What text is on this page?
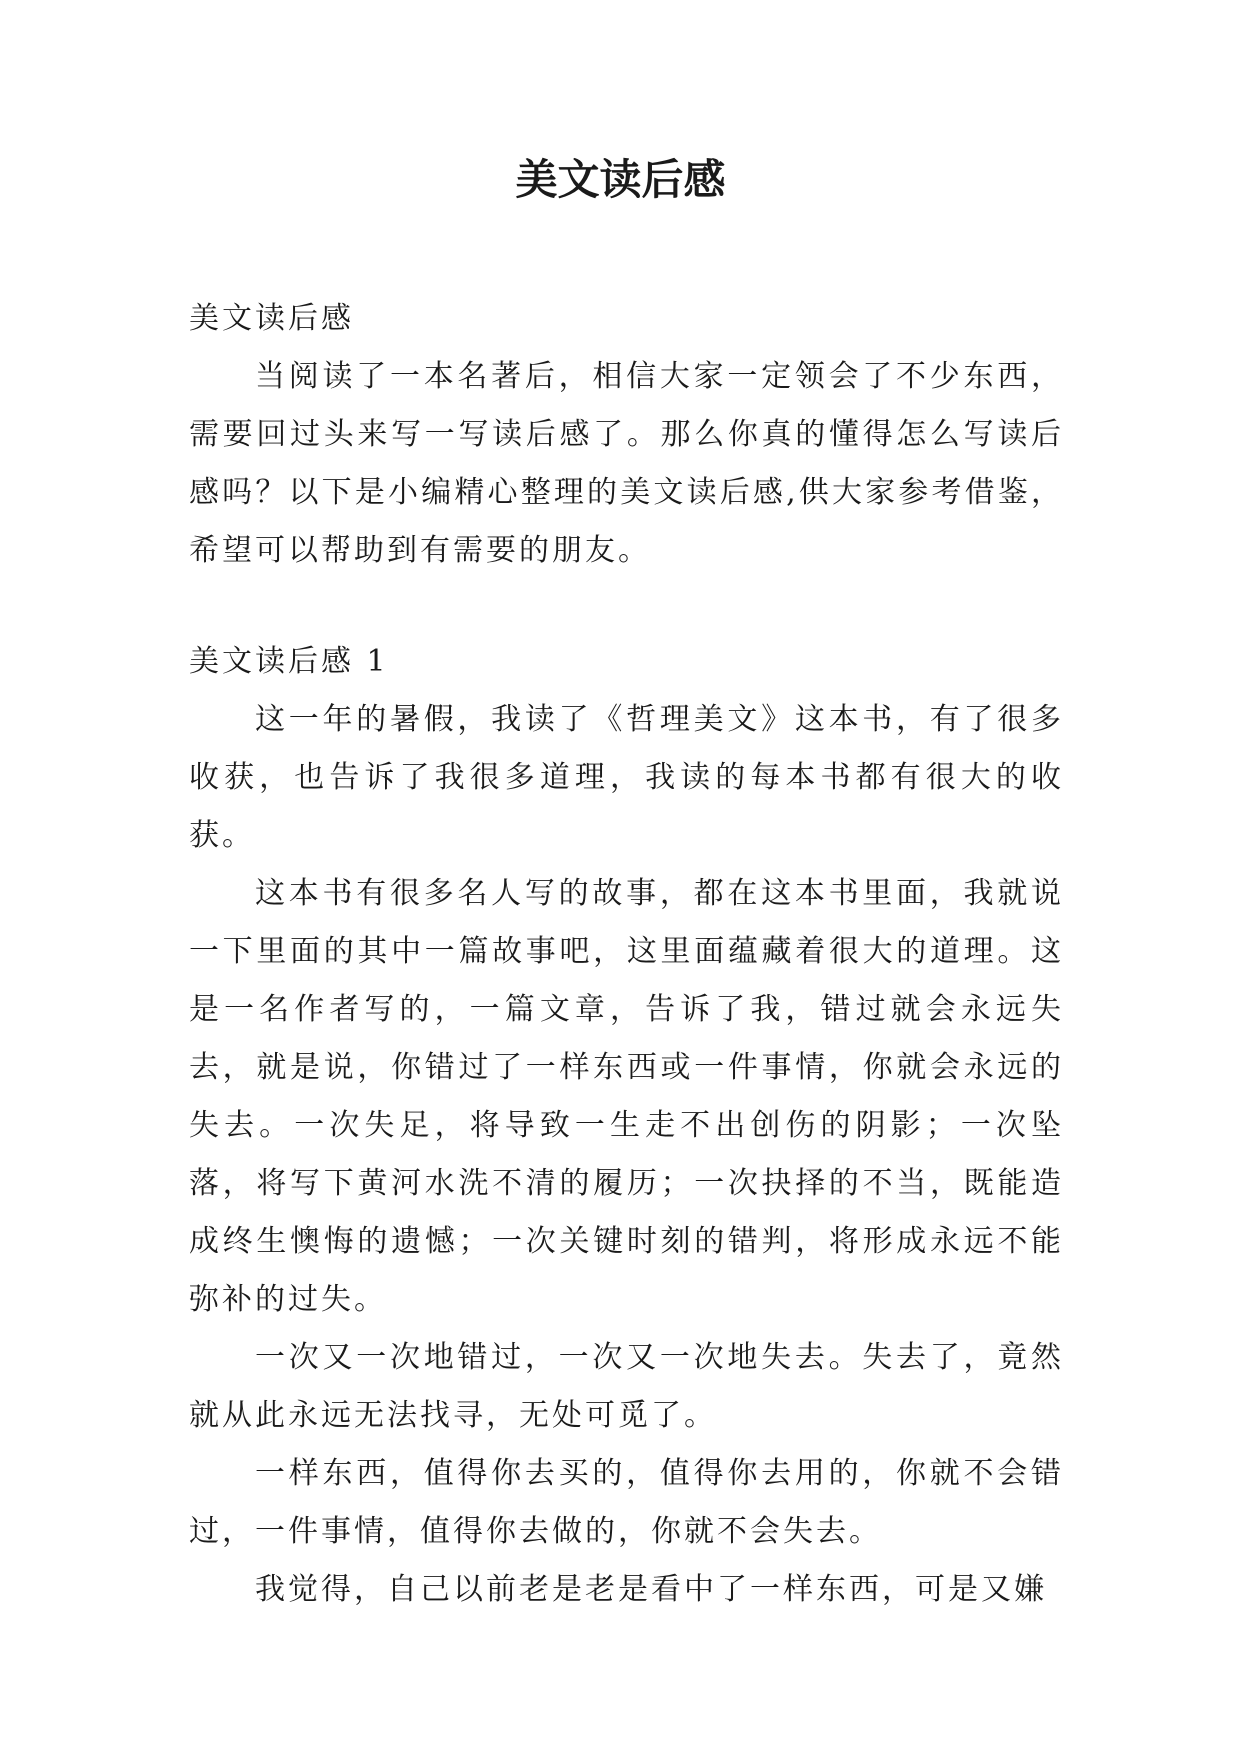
美文读后感

美文读后感

当阅读了一本名著后，相信大家一定领会了不少东西，需要回过头来写一写读后感了。那么你真的懂得怎么写读后感吗？以下是小编精心整理的美文读后感,供大家参考借鉴，希望可以帮助到有需要的朋友。

美文读后感 1

这一年的暑假，我读了《哲理美文》这本书，有了很多收获，也告诉了我很多道理，我读的每本书都有很大的收获。

这本书有很多名人写的故事，都在这本书里面，我就说一下里面的其中一篇故事吧，这里面蕴藏着很大的道理。这是一名作者写的，一篇文章，告诉了我，错过就会永远失去，就是说，你错过了一样东西或一件事情，你就会永远的失去。一次失足，将导致一生走不出创伤的阴影；一次坠落，将写下黄河水洗不清的履历；一次抉择的不当，既能造成终生懊悔的遗憾；一次关键时刻的错判，将形成永远不能弥补的过失。

一次又一次地错过，一次又一次地失去。失去了，竟然就从此永远无法找寻，无处可觅了。

一样东西，值得你去买的，值得你去用的，你就不会错过，一件事情，值得你去做的，你就不会失去。

我觉得，自己以前老是老是看中了一样东西，可是又嫌
